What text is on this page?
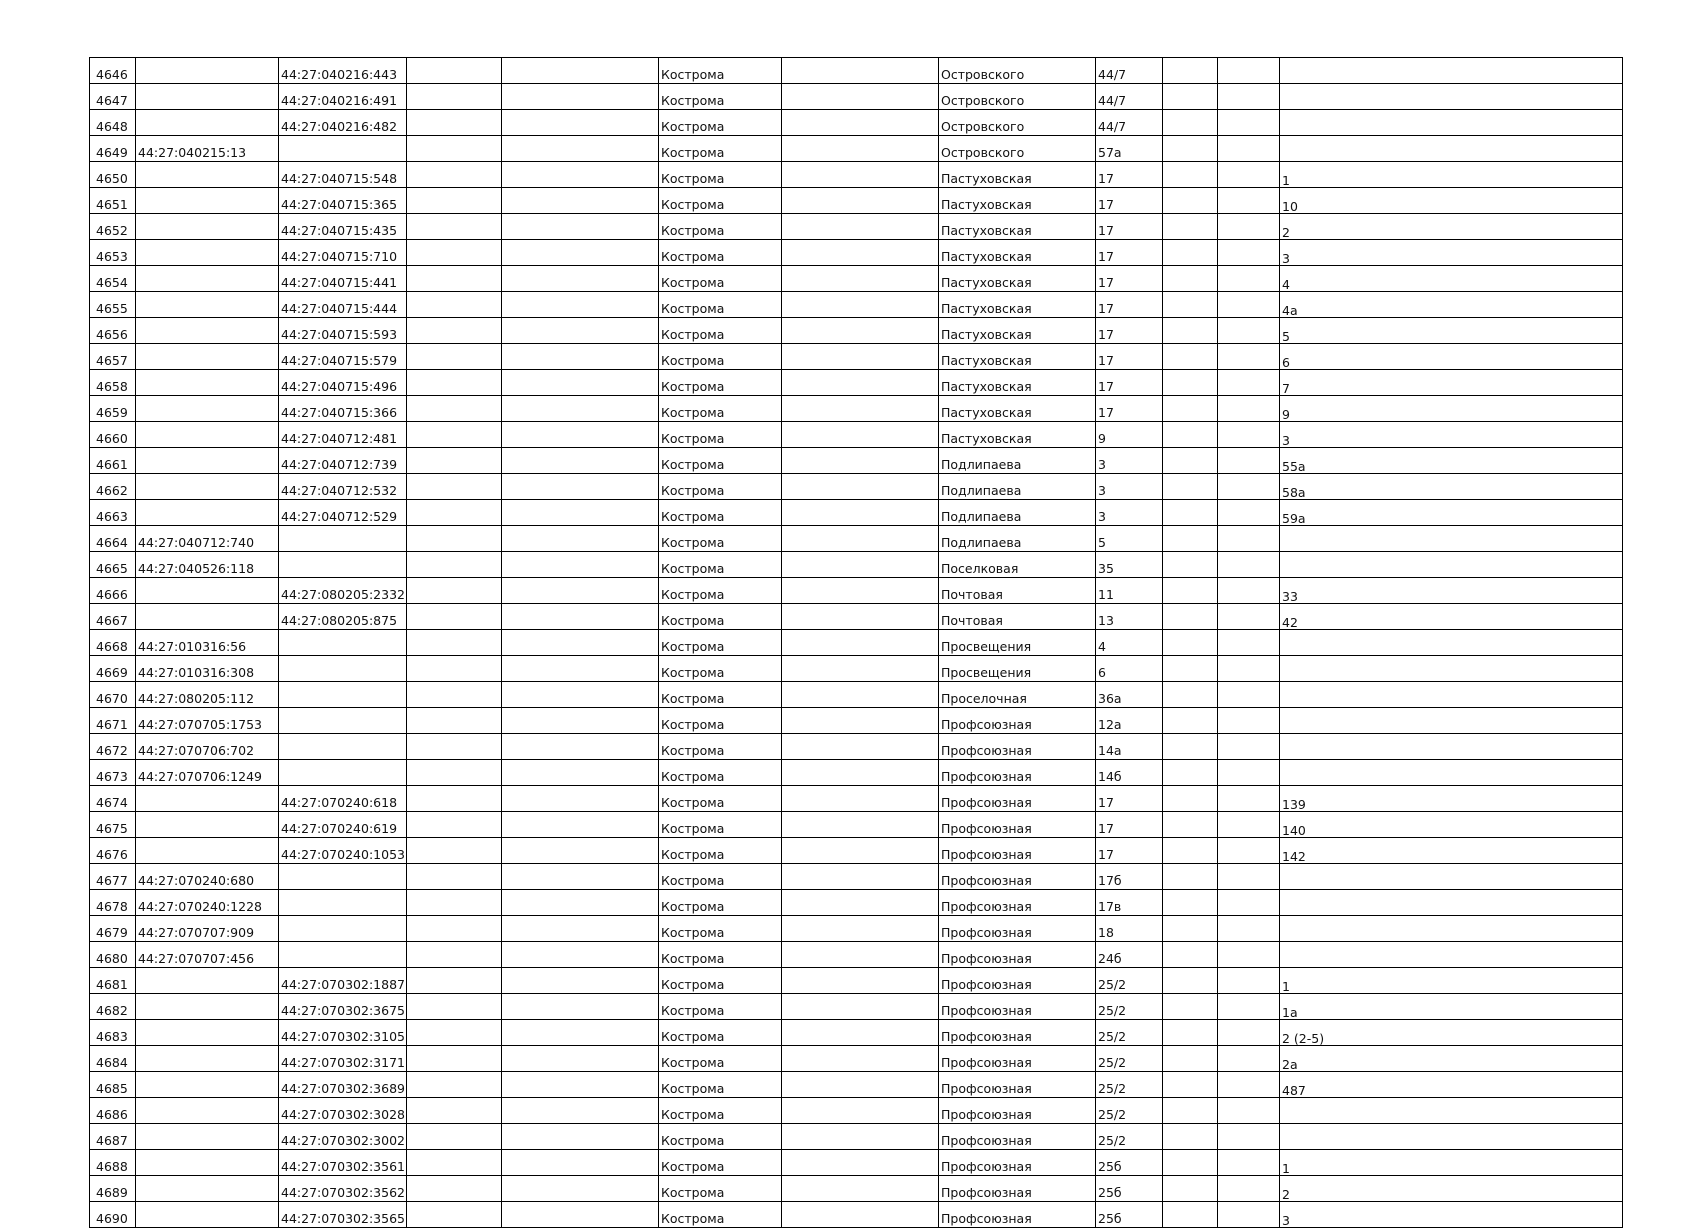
4646		44:27:040216:443			Кострома		Островского	44/7			
4647		44:27:040216:491			Кострома		Островского	44/7			
4648		44:27:040216:482			Кострома		Островского	44/7			
4649	44:27:040215:13				Кострома		Островского	57а			
4650		44:27:040715:548			Кострома		Пастуховская	17			1
4651		44:27:040715:365			Кострома		Пастуховская	17			10
4652		44:27:040715:435			Кострома		Пастуховская	17			2
4653		44:27:040715:710			Кострома		Пастуховская	17			3
4654		44:27:040715:441			Кострома		Пастуховская	17			4
4655		44:27:040715:444			Кострома		Пастуховская	17			4а
4656		44:27:040715:593			Кострома		Пастуховская	17			5
4657		44:27:040715:579			Кострома		Пастуховская	17			6
4658		44:27:040715:496			Кострома		Пастуховская	17			7
4659		44:27:040715:366			Кострома		Пастуховская	17			9
4660		44:27:040712:481			Кострома		Пастуховская	9			3
4661		44:27:040712:739			Кострома		Подлипаева	3			55а
4662		44:27:040712:532			Кострома		Подлипаева	3			58а
4663		44:27:040712:529			Кострома		Подлипаева	3			59а
4664	44:27:040712:740				Кострома		Подлипаева	5			
4665	44:27:040526:118				Кострома		Поселковая	35			
4666		44:27:080205:2332			Кострома		Почтовая	11			33
4667		44:27:080205:875			Кострома		Почтовая	13			42
4668	44:27:010316:56				Кострома		Просвещения	4			
4669	44:27:010316:308				Кострома		Просвещения	6			
4670	44:27:080205:112				Кострома		Проселочная	36а			
4671	44:27:070705:1753				Кострома		Профсоюзная	12а			
4672	44:27:070706:702				Кострома		Профсоюзная	14а			
4673	44:27:070706:1249				Кострома		Профсоюзная	14б			
4674		44:27:070240:618			Кострома		Профсоюзная	17			139
4675		44:27:070240:619			Кострома		Профсоюзная	17			140
4676		44:27:070240:1053			Кострома		Профсоюзная	17			142
4677	44:27:070240:680				Кострома		Профсоюзная	17б			
4678	44:27:070240:1228				Кострома		Профсоюзная	17в			
4679	44:27:070707:909				Кострома		Профсоюзная	18			
4680	44:27:070707:456				Кострома		Профсоюзная	24б			
4681		44:27:070302:1887			Кострома		Профсоюзная	25/2			1
4682		44:27:070302:3675			Кострома		Профсоюзная	25/2			1а
4683		44:27:070302:3105			Кострома		Профсоюзная	25/2			2 (2-5)
4684		44:27:070302:3171			Кострома		Профсоюзная	25/2			2а
4685		44:27:070302:3689			Кострома		Профсоюзная	25/2			487
4686		44:27:070302:3028			Кострома		Профсоюзная	25/2			
4687		44:27:070302:3002			Кострома		Профсоюзная	25/2			
4688		44:27:070302:3561			Кострома		Профсоюзная	25б			1
4689		44:27:070302:3562			Кострома		Профсоюзная	25б			2
4690		44:27:070302:3565			Кострома		Профсоюзная	25б			3
